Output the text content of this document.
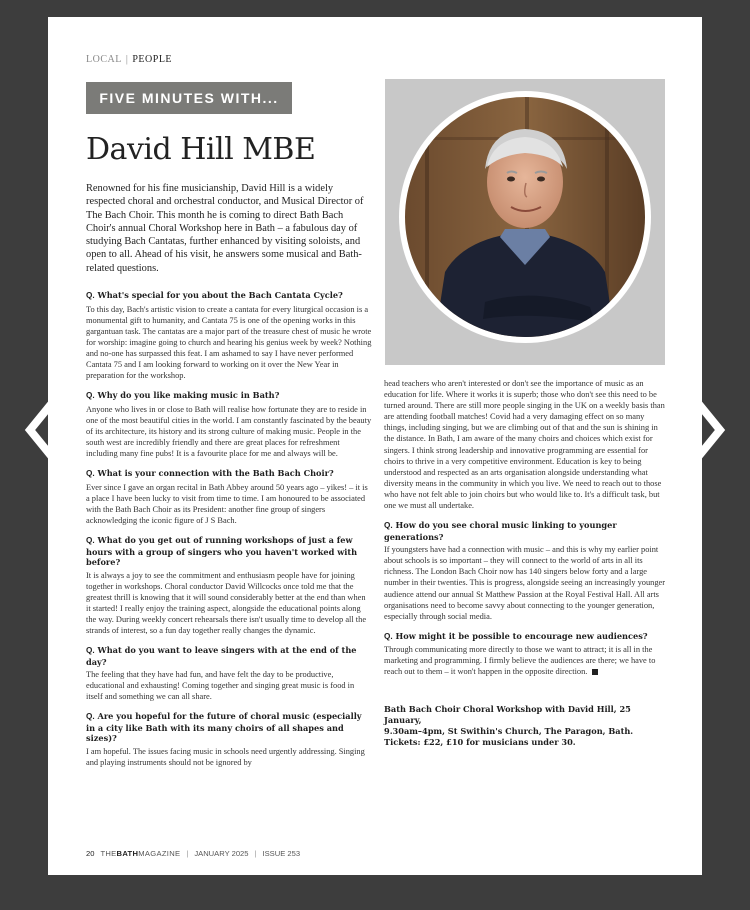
LOCAL | PEOPLE
FIVE MINUTES WITH...
David Hill MBE

Renowned for his fine musicianship, David Hill is a widely respected choral and orchestral conductor, and Musical Director of The Bach Choir. This month he is coming to direct Bath Bach Choir's annual Choral Workshop here in Bath – a fabulous day of studying Bach Cantatas, further enhanced by visiting soloists, and open to all. Ahead of his visit, he answers some musical and Bath-related questions.

Q. What's special for you about the Bach Cantata Cycle?

To this day, Bach's artistic vision to create a cantata for every liturgical occasion is a monumental gift to humanity, and Cantata 75 is one of the opening works in this gargantuan task. The cantatas are a major part of the treasure chest of music he wrote for worship: imagine going to church and hearing his genius week by week? Nothing and no-one has surpassed this feat. I am ashamed to say I have never performed Cantata 75 and I am looking forward to working on it over the New Year in preparation for the workshop.

Q. Why do you like making music in Bath?

Anyone who lives in or close to Bath will realise how fortunate they are to reside in one of the most beautiful cities in the world. I am constantly fascinated by the beauty of its architecture, its history and its strong culture of making music. People in the south west are incredibly friendly and there are great places for refreshment including many fine pubs! It is a favourite place for me and always will be.

Q. What is your connection with the Bath Bach Choir?

Ever since I gave an organ recital in Bath Abbey around 50 years ago – yikes! – it is a place I have been lucky to visit from time to time. I am honoured to be associated with the Bath Bach Choir as its President: another fine group of singers acknowledging the iconic figure of J S Bach.

Q. What do you get out of running workshops of just a few hours with a group of singers who you haven't worked with before?

It is always a joy to see the commitment and enthusiasm people have for joining together in workshops. Choral conductor David Willcocks once told me that the greatest thrill is knowing that it will sound considerably better at the end than when it started! I really enjoy the training aspect, alongside the educational points along the way. During weekly concert rehearsals there isn't usually time to develop all the strands of interest, so a fun day together really changes the dynamic.

Q. What do you want to leave singers with at the end of the day?

The feeling that they have had fun, and have felt the day to be productive, educational and exhausting! Coming together and singing great music is food in itself and something we can all share.

Q. Are you hopeful for the future of choral music (especially in a city like Bath with its many choirs of all shapes and sizes)?

I am hopeful. The issues facing music in schools need urgently addressing. Singing and playing instruments should not be ignored by

head teachers who aren't interested or don't see the importance of music as an education for life. Where it works it is superb; those who don't see this need to be turned around. There are still more people singing in the UK on a weekly basis than are attending football matches! Covid had a very damaging effect on so many things, including singing, but we are climbing out of that and the sun is shining in the distance. In Bath, I am aware of the many choirs and choices which exist for singers. I think strong leadership and innovative programming are essential for choirs to thrive in a very competitive environment. Education is key to being understood and respected as an arts organisation alongside understanding what diversity means in the community in which you live. We need to reach out to those who have not felt able to join choirs but who would like to. It's a difficult task, but one we must all undertake.

Q. How do you see choral music linking to younger generations?

If youngsters have had a connection with music – and this is why my earlier point about schools is so important – they will connect to the world of arts in all its richness. The London Bach Choir now has 140 singers below forty and a large number in their twenties. This is progress, alongside seeing an increasingly younger audience attend our annual St Matthew Passion at the Royal Festival Hall. All arts organisations need to become savvy about connecting to the younger generation, especially through social media.

Q. How might it be possible to encourage new audiences?

Through communicating more directly to those we want to attract; it is all in the marketing and programming. I firmly believe the audiences are there; we have to reach out to them – it won't happen in the opposite direction.

Bath Bach Choir Choral Workshop with David Hill, 25 January,
9.30am–4pm, St Swithin's Church, The Paragon, Bath.
Tickets: £22, £10 for musicians under 30.
20 THEBATHMAGAZINE | JANUARY 2025 | ISSUE 253
